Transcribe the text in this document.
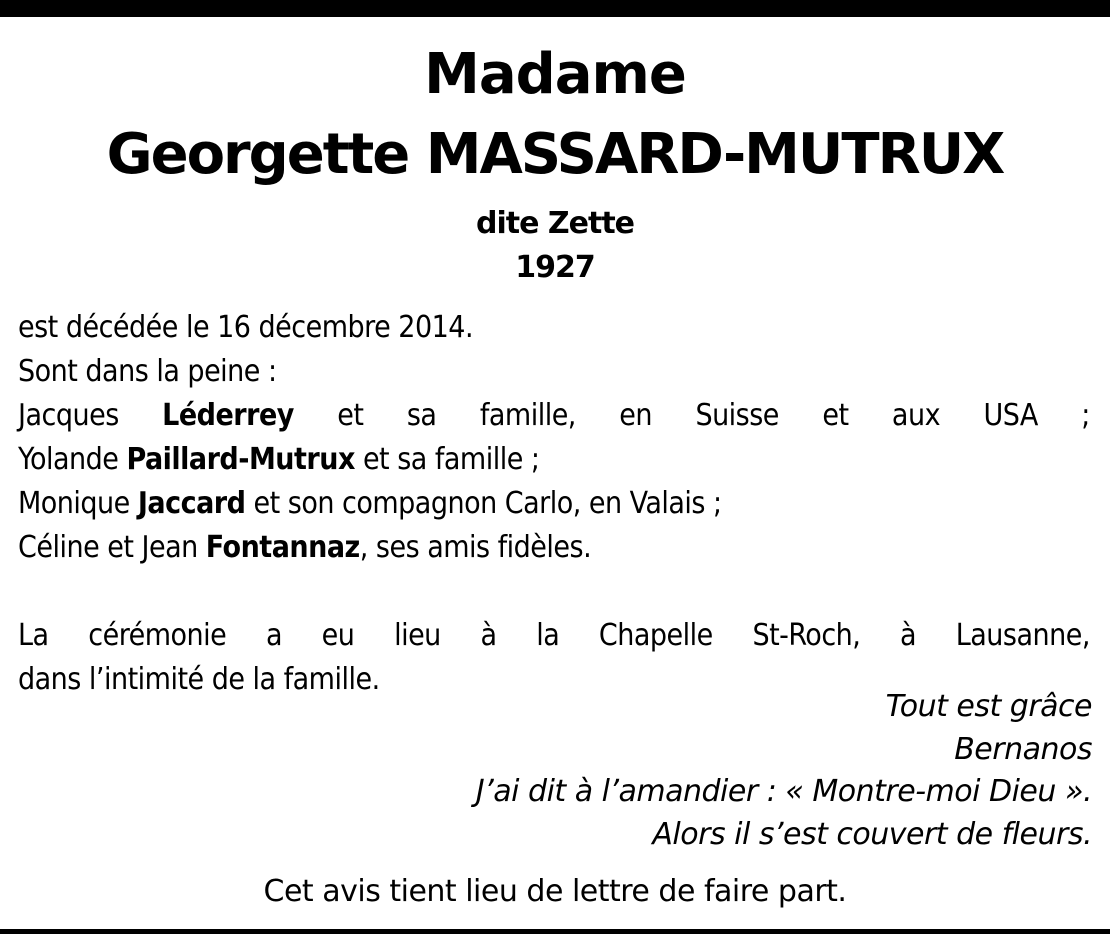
Madame
Georgette MASSARD-MUTRUX
dite Zette
1927
est décédée le 16 décembre 2014.
Sont dans la peine :
Jacques Léderrey et sa famille, en Suisse et aux USA ;
Yolande Paillard-Mutrux et sa famille ;
Monique Jaccard et son compagnon Carlo, en Valais ;
Céline et Jean Fontannaz, ses amis fidèles.
La cérémonie a eu lieu à la Chapelle St-Roch, à Lausanne,
dans l’intimité de la famille.
Tout est grâce
Bernanos
J’ai dit à l’amandier : « Montre-moi Dieu ».
Alors il s’est couvert de fleurs.
Cet avis tient lieu de lettre de faire part.
